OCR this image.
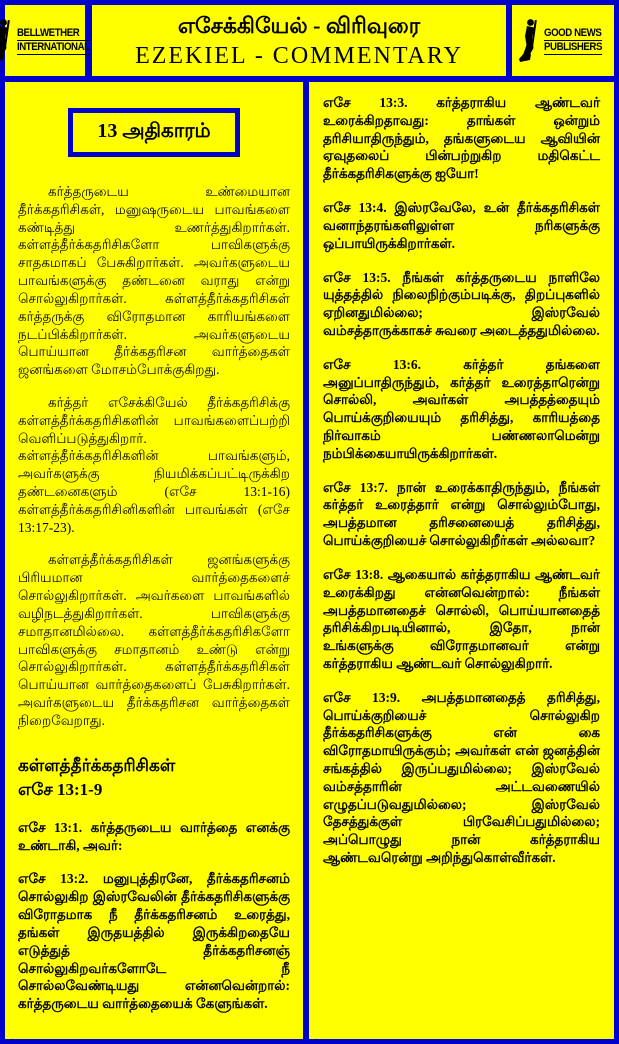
BELLWETHER
INTERNATIONAL
எசேக்கியேல் - விரிவுரை
EZEKIEL - COMMENTARY
GOOD NEWS
PUBLISHERS
13 அதிகாரம்

கர்த்தருடைய உண்மையான தீர்க்கதரிசிகள், மனுஷருடைய பாவங்களை கண்டித்து உணர்த்துகிறார்கள். கள்ளத்தீர்க்கதரிசிகளோ பாவிகளுக்கு சாதகமாகப் பேசுகிறார்கள். அவர்களுடைய பாவங்களுக்கு தண்டனை வராது என்று சொல்லுகிறார்கள். கள்ளத்தீர்க்கதரிசிகள் கர்த்தருக்கு விரோதமான காரியங்களை நடப்பிக்கிறார்கள். அவர்களுடைய பொய்யான தீர்க்கதரிசன வார்த்தைகள் ஜனங்களை மோசம்போக்குகிறது.

கர்த்தர் எசேக்கியேல் தீர்க்கதரிசிக்கு கள்ளத்தீர்க்கதரிசிகளின் பாவங்களைப்பற்றி வெளிப்படுத்துகிறார். கள்ளத்தீர்க்கதரிசிகளின் பாவங்களும், அவர்களுக்கு நியமிக்கப்பட்டிருக்கிற தண்டனைகளும் (எசே 13:1-16) கள்ளத்தீர்க்கதரிசினிகளின் பாவங்கள் (எசே 13:17-23).

கள்ளத்தீர்க்கதரிசிகள் ஜனங்களுக்கு பிரியமான வார்த்தைகளைச் சொல்லுகிறார்கள். அவர்களை பாவங்களில் வழிநடத்துகிறார்கள். பாவிகளுக்கு சமாதானமில்லை. கள்ளத்தீர்க்கதரிசிகளோ பாவிகளுக்கு சமாதானம் உண்டு என்று சொல்லுகிறார்கள். கள்ளத்தீர்க்கதரிசிகள் பொய்யான வார்த்தைகளைப் பேசுகிறார்கள். அவர்களுடைய தீர்க்கதரிசன வார்த்தைகள் நிறைவேறாது.

கள்ளத்தீர்க்கதரிசிகள்
எசே 13:1-9

எசே 13:1. கர்த்தருடைய வார்த்தை எனக்கு உண்டாகி, அவர்:

எசே 13:2. மனுபுத்திரனே, தீர்க்கதரிசனம் சொல்லுகிற இஸ்ரவேலின் தீர்க்கதரிசிகளுக்கு விரோதமாக நீ தீர்க்கதரிசனம் உரைத்து, தங்கள் இருதயத்தில் இருக்கிறதையே எடுத்துத் தீர்க்கதரிசனஞ் சொல்லுகிறவர்களோடே நீ சொல்லவேண்டியது என்னவென்றால்: கர்த்தருடைய வார்த்தையைக் கேளுங்கள்.

எசே 13:3. கர்த்தராகிய ஆண்டவர் உரைக்கிறதாவது: தாங்கள் ஒன்றும் தரிசியாதிருந்தும், தங்களுடைய ஆவியின் ஏவுதலைப் பின்பற்றுகிற மதிகெட்ட தீர்க்கதரிசிகளுக்கு ஐயோ!

எசே 13:4. இஸ்ரவேலே, உன் தீர்க்கதரிசிகள் வனாந்தரங்களிலுள்ள நரிகளுக்கு ஒப்பாயிருக்கிறார்கள்.

எசே 13:5. நீங்கள் கர்த்தருடைய நாளிலே யுத்தத்தில் நிலைநிற்கும்படிக்கு, திறப்புகளில் ஏறினதுமில்லை; இஸ்ரவேல் வம்சத்தாருக்காகச் சுவரை அடைத்ததுமில்லை.

எசே 13:6. கர்த்தர் தங்களை அனுப்பாதிருந்தும், கர்த்தர் உரைத்தாரென்று சொல்லி, அவர்கள் அபத்தத்தையும் பொய்க்குறியையும் தரிசித்து, காரியத்தை நிர்வாகம் பண்ணலாமென்று நம்பிக்கையாயிருக்கிறார்கள்.

எசே 13:7. நான் உரைக்காதிருந்தும், நீங்கள் கர்த்தர் உரைத்தார் என்று சொல்லும்போது, அபத்தமான தரிசனையைத் தரிசித்து, பொய்க்குறியைச் சொல்லுகிறீர்கள் அல்லவா?

எசே 13:8. ஆகையால் கர்த்தராகிய ஆண்டவர் உரைக்கிறது என்னவென்றால்: நீங்கள் அபத்தமானதைச் சொல்லி, பொய்யானதைத் தரிசிக்கிறபடியினால், இதோ, நான் உங்களுக்கு விரோதமானவர் என்று கர்த்தராகிய ஆண்டவர் சொல்லுகிறார்.

எசே 13:9. அபத்தமானதைத் தரிசித்து, பொய்க்குறியைச் சொல்லுகிற தீர்க்கதரிசிகளுக்கு என் கை விரோதமாயிருக்கும்; அவர்கள் என் ஜனத்தின் சங்கத்தில் இருப்பதுமில்லை; இஸ்ரவேல் வம்சத்தாரின் அட்டவணையில் எழுதப்படுவதுமில்லை; இஸ்ரவேல் தேசத்துக்குள் பிரவேசிப்பதுமில்லை; அப்பொழுது நான் கர்த்தராகிய ஆண்டவரென்று அறிந்துகொள்வீர்கள்.
